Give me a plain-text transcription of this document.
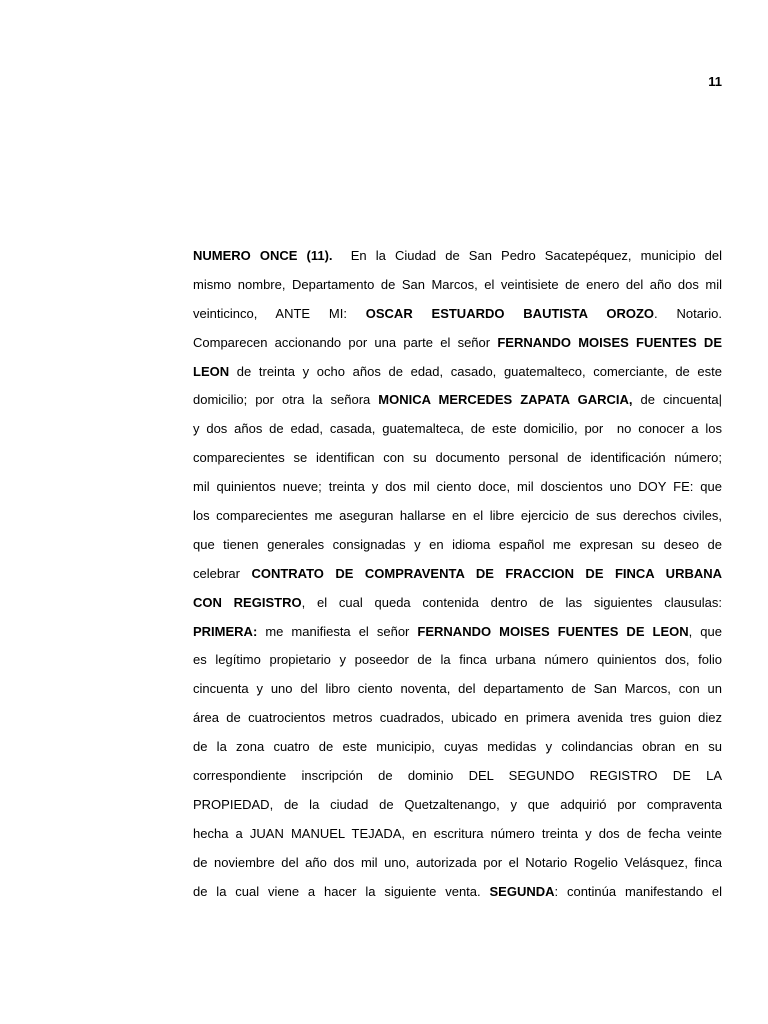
11
NUMERO ONCE (11).  En la Ciudad de San Pedro Sacatepéquez, municipio del
mismo nombre, Departamento de San Marcos, el veintisiete de enero del año dos mil
veinticinco, ANTE MI: OSCAR ESTUARDO BAUTISTA OROZO. Notario.
Comparecen accionando por una parte el señor FERNANDO MOISES FUENTES DE
LEON de treinta y ocho años de edad, casado, guatemalteco, comerciante, de este
domicilio; por otra la señora MONICA MERCEDES ZAPATA GARCIA, de cincuenta|
y dos años de edad, casada, guatemalteca, de este domicilio, por  no conocer a los
comparecientes se identifican con su documento personal de identificación número;
mil quinientos nueve; treinta y dos mil ciento doce, mil doscientos uno DOY FE: que
los comparecientes me aseguran hallarse en el libre ejercicio de sus derechos civiles,
que tienen generales consignadas y en idioma español me expresan su deseo de
celebrar CONTRATO DE COMPRAVENTA DE FRACCION DE FINCA URBANA
CON REGISTRO, el cual queda contenida dentro de las siguientes clausulas:
PRIMERA: me manifiesta el señor FERNANDO MOISES FUENTES DE LEON, que
es legítimo propietario y poseedor de la finca urbana número quinientos dos, folio
cincuenta y uno del libro ciento noventa, del departamento de San Marcos, con un
área de cuatrocientos metros cuadrados, ubicado en primera avenida tres guion diez
de la zona cuatro de este municipio, cuyas medidas y colindancias obran en su
correspondiente inscripción de dominio DEL SEGUNDO REGISTRO DE LA
PROPIEDAD, de la ciudad de Quetzaltenango, y que adquirió por compraventa
hecha a JUAN MANUEL TEJADA, en escritura número treinta y dos de fecha veinte
de noviembre del año dos mil uno, autorizada por el Notario Rogelio Velásquez, finca
de la cual viene a hacer la siguiente venta. SEGUNDA: continúa manifestando el
